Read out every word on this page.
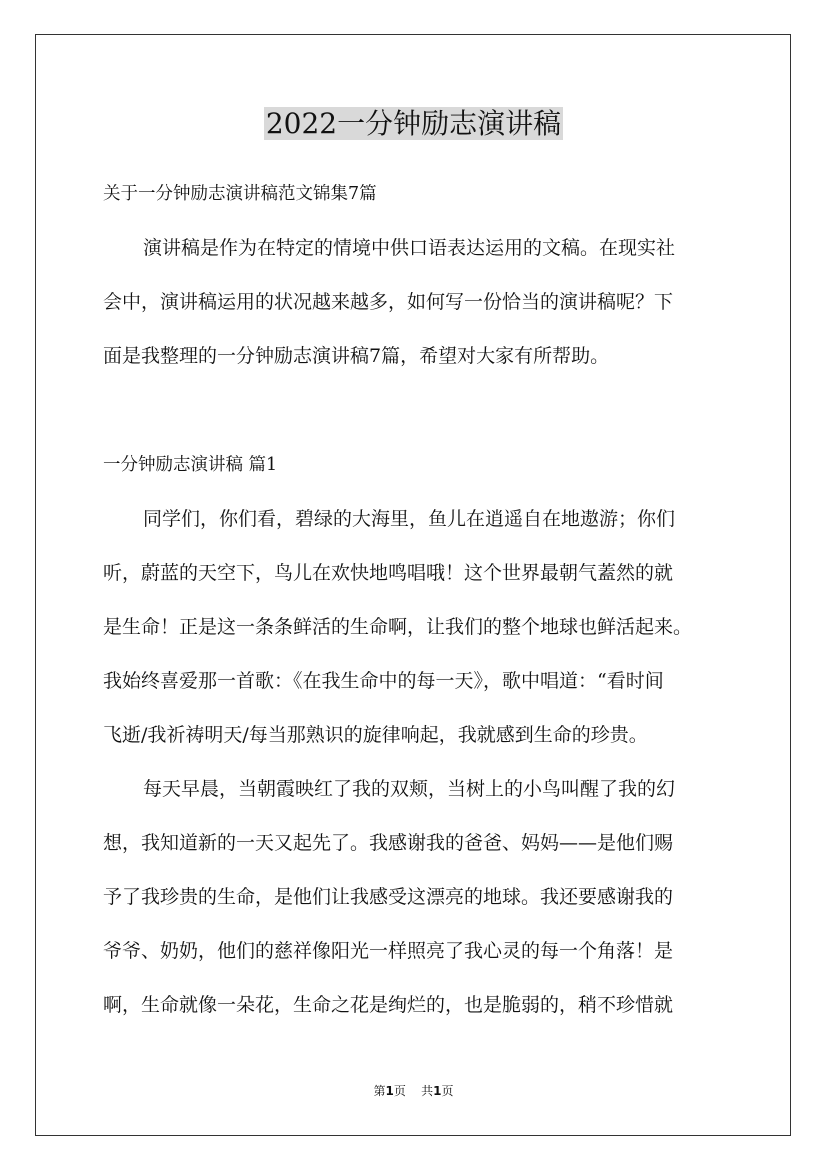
2022一分钟励志演讲稿
关于一分钟励志演讲稿范文锦集7篇
演讲稿是作为在特定的情境中供口语表达运用的文稿。在现实社
会中，演讲稿运用的状况越来越多，如何写一份恰当的演讲稿呢？下
面是我整理的一分钟励志演讲稿7篇，希望对大家有所帮助。
一分钟励志演讲稿 篇1
同学们，你们看，碧绿的大海里，鱼儿在逍遥自在地遨游；你们
听，蔚蓝的天空下，鸟儿在欢快地鸣唱哦！这个世界最朝气蓋然的就
是生命！正是这一条条鲜活的生命啊，让我们的整个地球也鲜活起来。
我始终喜爱那一首歌：《在我生命中的每一天》，歌中唱道：“看时间
飞逝/我祈祷明天/每当那熟识的旋律响起，我就感到生命的珍贵。
每天早晨，当朝霞映红了我的双颊，当树上的小鸟叫醒了我的幻
想，我知道新的一天又起先了。我感谢我的爸爸、妈妈——是他们赐
予了我珍贵的生命，是他们让我感受这漂亮的地球。我还要感谢我的
爷爷、奶奶，他们的慈祥像阳光一样照亮了我心灵的每一个角落！是
啊，生命就像一朵花，生命之花是绚烂的，也是脆弱的，稍不珍惜就
第1页 共1页
